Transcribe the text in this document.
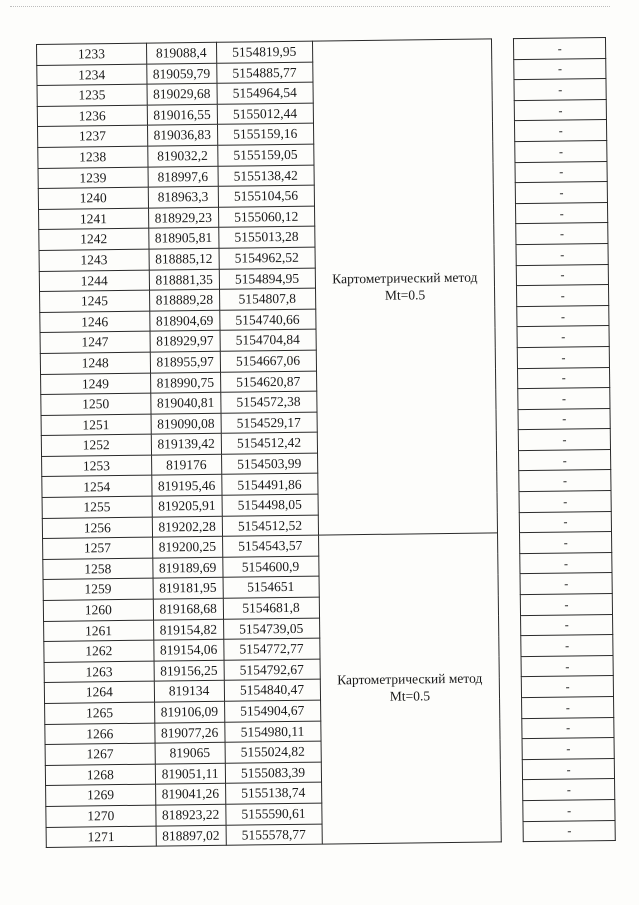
1233	819088,4	5154819,95	Картометрический метод Mt=0.5		-
1234	819059,79	5154885,77			-
1235	819029,68	5154964,54			-
1236	819016,55	5155012,44			-
1237	819036,83	5155159,16			-
1238	819032,2	5155159,05			-
1239	818997,6	5155138,42			-
1240	818963,3	5155104,56			-
1241	818929,23	5155060,12			-
1242	818905,81	5155013,28			-
1243	818885,12	5154962,52			-
1244	818881,35	5154894,95			-
1245	818889,28	5154807,8			-
1246	818904,69	5154740,66			-
1247	818929,97	5154704,84			-
1248	818955,97	5154667,06			-
1249	818990,75	5154620,87			-
1250	819040,81	5154572,38			-
1251	819090,08	5154529,17			-
1252	819139,42	5154512,42			-
1253	819176	5154503,99			-
1254	819195,46	5154491,86			-
1255	819205,91	5154498,05			-
1256	819202,28	5154512,52			-
1257	819200,25	5154543,57	Картометрический метод Mt=0.5		-
1258	819189,69	5154600,9			-
1259	819181,95	5154651			-
1260	819168,68	5154681,8			-
1261	819154,82	5154739,05			-
1262	819154,06	5154772,77			-
1263	819156,25	5154792,67			-
1264	819134	5154840,47			-
1265	819106,09	5154904,67			-
1266	819077,26	5154980,11			-
1267	819065	5155024,82			-
1268	819051,11	5155083,39			-
1269	819041,26	5155138,74			-
1270	818923,22	5155590,61			-
1271	818897,02	5155578,77			-
